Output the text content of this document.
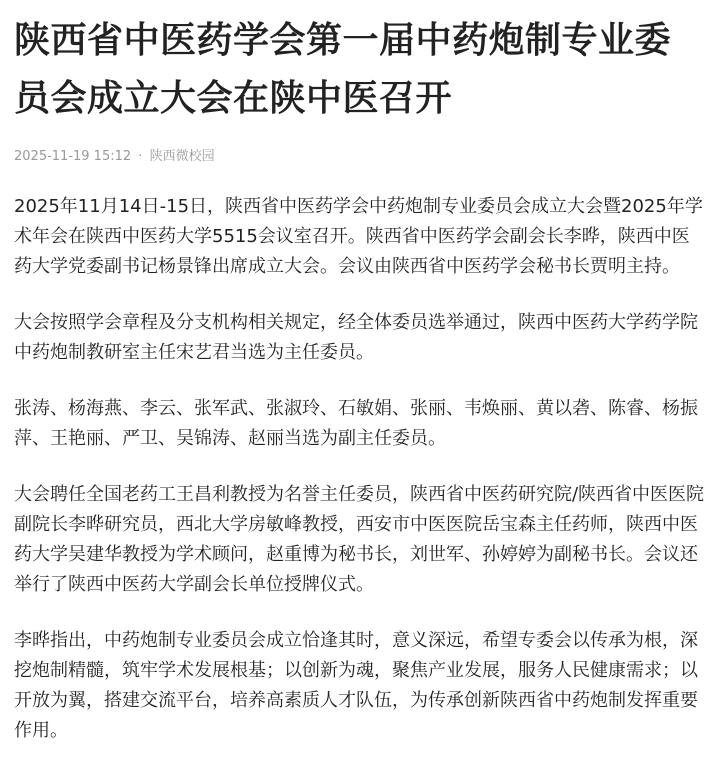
陕西省中医药学会第一届中药炮制专业委员会成立大会在陕中医召开
2025-11-19 15:12 · 陕西微校园

2025年11月14日-15日，陕西省中医药学会中药炮制专业委员会成立大会暨2025年学术年会在陕西中医药大学5515会议室召开。陕西省中医药学会副会长李晔，陕西中医药大学党委副书记杨景锋出席成立大会。会议由陕西省中医药学会秘书长贾明主持。

大会按照学会章程及分支机构相关规定，经全体委员选举通过，陕西中医药大学药学院中药炮制教研室主任宋艺君当选为主任委员。

张涛、杨海燕、李云、张军武、张淑玲、石敏娟、张丽、韦焕丽、黄以砻、陈睿、杨振萍、王艳丽、严卫、吴锦涛、赵丽当选为副主任委员。

大会聘任全国老药工王昌利教授为名誉主任委员，陕西省中医药研究院/陕西省中医医院副院长李晔研究员，西北大学房敏峰教授，西安市中医医院岳宝森主任药师，陕西中医药大学吴建华教授为学术顾问，赵重博为秘书长，刘世军、孙婷婷为副秘书长。会议还举行了陕西中医药大学副会长单位授牌仪式。

李晔指出，中药炮制专业委员会成立恰逢其时，意义深远，希望专委会以传承为根，深挖炮制精髓，筑牢学术发展根基；以创新为魂，聚焦产业发展，服务人民健康需求；以开放为翼，搭建交流平台，培养高素质人才队伍，为传承创新陕西省中药炮制发挥重要作用。
